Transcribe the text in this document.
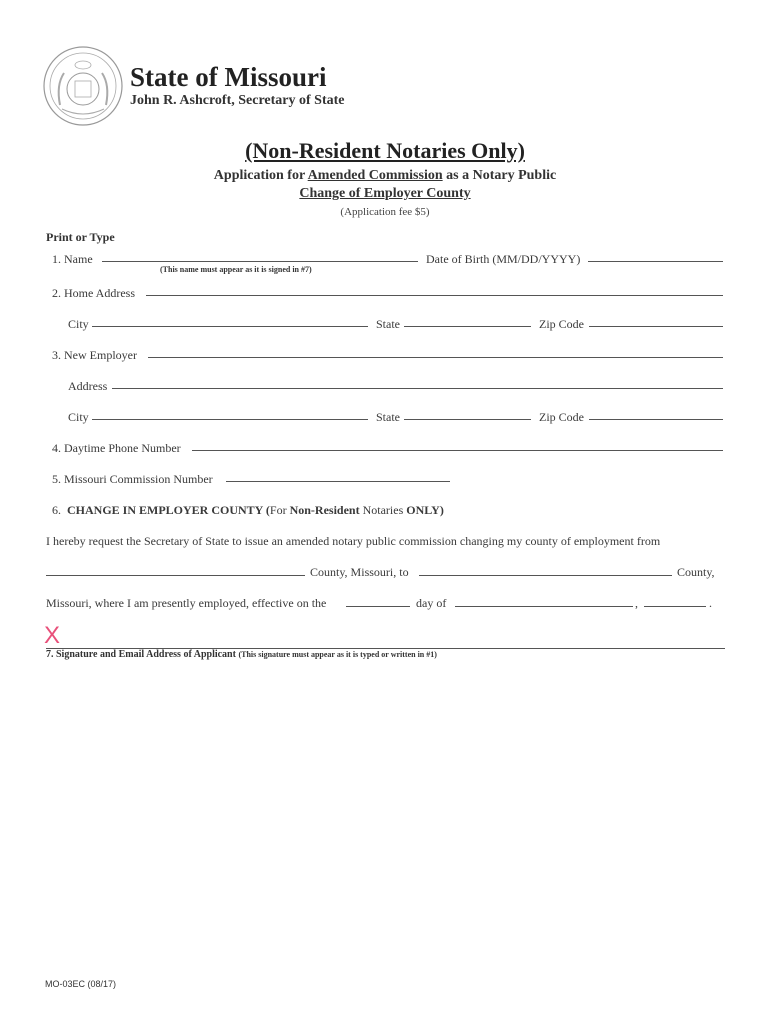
State of Missouri
John R. Ashcroft, Secretary of State
(Non-Resident Notaries Only)
Application for Amended Commission as a Notary Public
Change of Employer County
(Application fee $5)
Print or Type
1. Name
(This name must appear as it is signed in #7)
Date of Birth (MM/DD/YYYY)
2. Home Address
City	State	Zip Code
3. New Employer
Address
City	State	Zip Code
4. Daytime Phone Number
5. Missouri Commission Number
6. CHANGE IN EMPLOYER COUNTY (For Non-Resident Notaries ONLY)
I hereby request the Secretary of State to issue an amended notary public commission changing my county of employment from
County, Missouri, to	County,
Missouri, where I am presently employed, effective on the	day of	,	.
X
7. Signature and Email Address of Applicant (This signature must appear as it is typed or written in #1)
MO-03EC (08/17)
